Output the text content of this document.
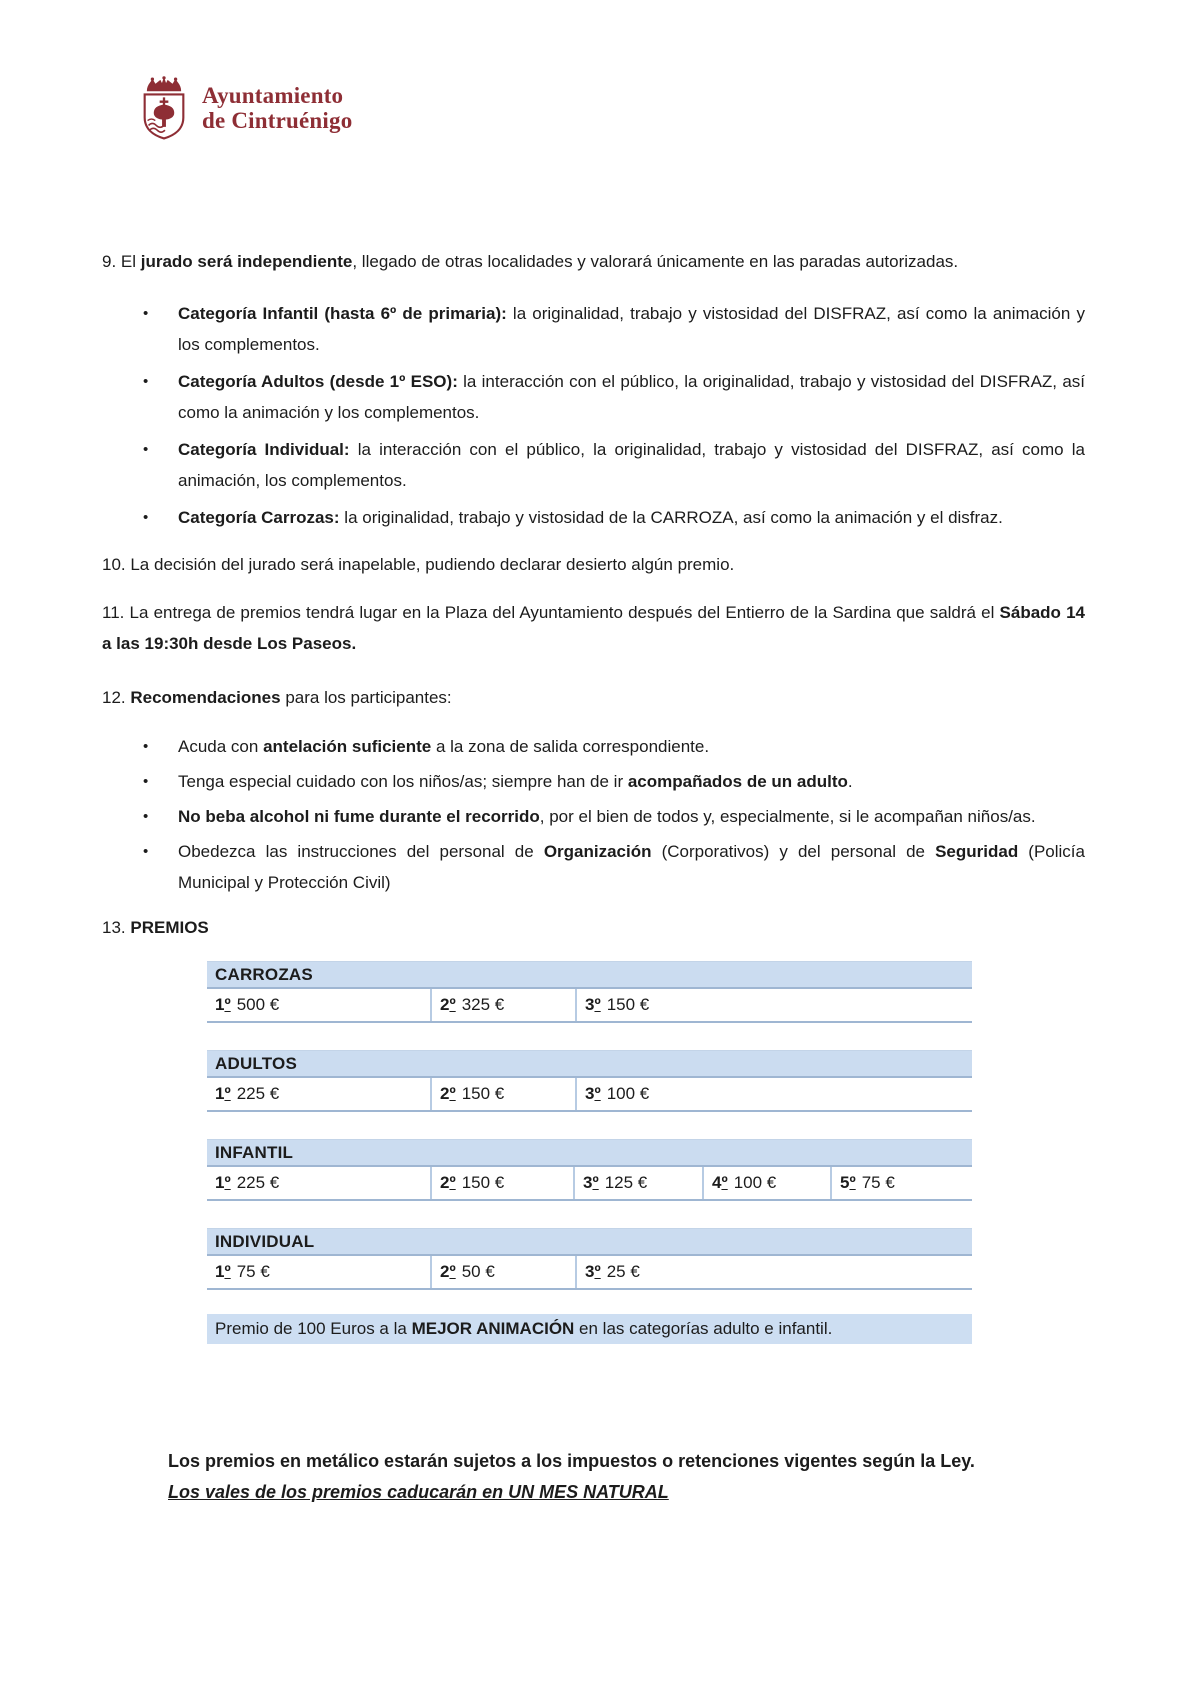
Ayuntamiento
de Cintruénigo

9. El jurado será independiente, llegado de otras localidades y valorará únicamente en las paradas autorizadas.

• Categoría Infantil (hasta 6º de primaria): la originalidad, trabajo y vistosidad del DISFRAZ, así como la animación y los complementos.
• Categoría Adultos (desde 1º ESO): la interacción con el público, la originalidad, trabajo y vistosidad del DISFRAZ, así como la animación y los complementos.
• Categoría Individual: la interacción con el público, la originalidad, trabajo y vistosidad del DISFRAZ, así como la animación, los complementos.
• Categoría Carrozas: la originalidad, trabajo y vistosidad de la CARROZA, así como la animación y el disfraz.

10. La decisión del jurado será inapelable, pudiendo declarar desierto algún premio.

11. La entrega de premios tendrá lugar en la Plaza del Ayuntamiento después del Entierro de la Sardina que saldrá el Sábado 14 a las 19:30h desde Los Paseos.

12. Recomendaciones para los participantes:

• Acuda con antelación suficiente a la zona de salida correspondiente.
• Tenga especial cuidado con los niños/as; siempre han de ir acompañados de un adulto.
• No beba alcohol ni fume durante el recorrido, por el bien de todos y, especialmente, si le acompañan niños/as.
• Obedezca las instrucciones del personal de Organización (Corporativos) y del personal de Seguridad (Policía Municipal y Protección Civil)

13. PREMIOS

CARROZAS
1º 500 €	2º 325 €	3º 150 €
ADULTOS
1º 225 €	2º 150 €	3º 100 €
INFANTIL
1º 225 €	2º 150 €	3º 125 €	4º 100 €	5º 75 €
INDIVIDUAL
1º 75 €	2º 50 €	3º 25 €
Premio de 100 Euros a la MEJOR ANIMACIÓN en las categorías adulto e infantil.
Los premios en metálico estarán sujetos a los impuestos o retenciones vigentes según la Ley.
Los vales de los premios caducarán en UN MES NATURAL
